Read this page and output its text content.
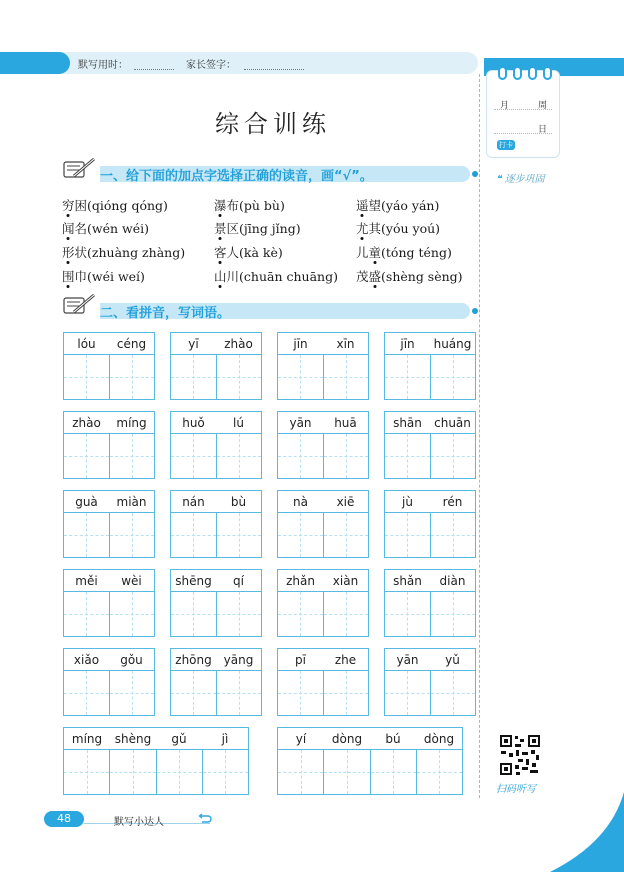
默写用时：	家长签字：
月	周
日
打卡
❝ 逐步巩固
综合训练
一、给下面的加点字选择正确的读音，画“√”。
穷困(qióng qóng)	瀑布(pù bù)	遥望(yáo yán)
闻名(wén wéi)	景区(jīng jǐng)	尤其(yóu yoú)
形状(zhuàng zhàng) 客人(kà kè)	儿童(tóng téng)
围巾(wéi weí)	山川(chuān chuāng) 茂盛(shèng sèng)
二、看拼音，写词语。
lóu	céng	yī	zhào	jīn	xīn	jīn	huáng
zhào	míng	huǒ	lú	yān	huā	shān	chuān
guà	miàn	nán	bù	nà	xiē	jù	rén
měi	wèi	shēng	qí	zhǎn	xiàn	shǎn	diàn
xiǎo	gǒu	zhōng yāng	pī	zhe	yān	yǔ
míng	shèng	gǔ	jì	yí	dòng	bú	dòng
扫码听写
48	默写小达人
